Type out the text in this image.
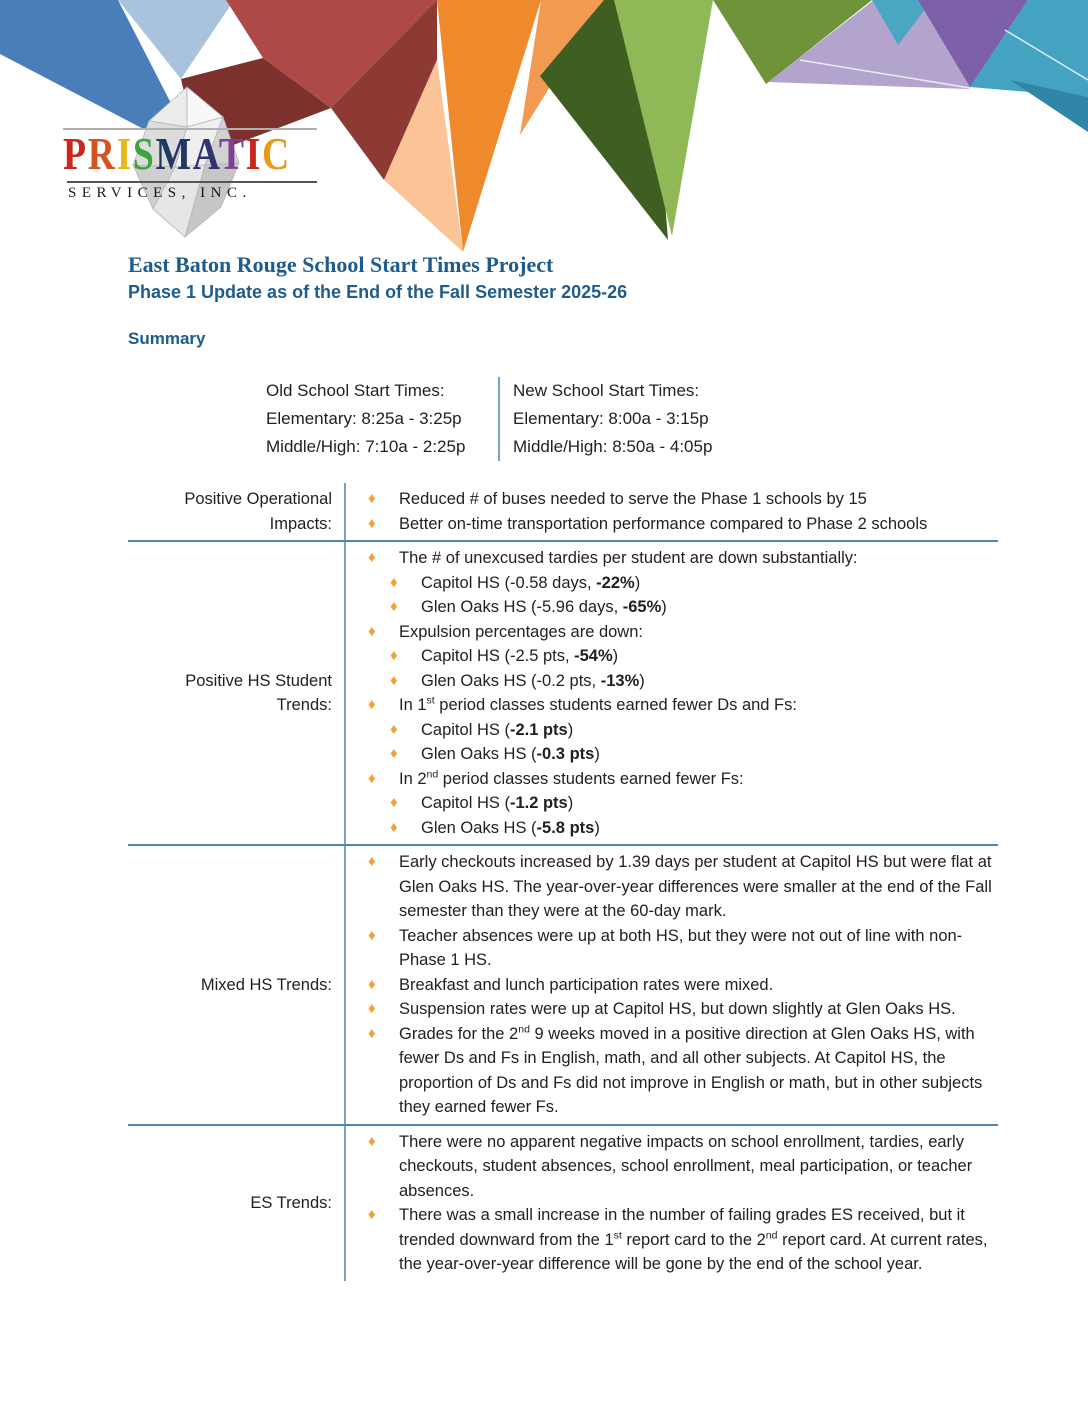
PRISMATIC
SERVICES, INC.
East Baton Rouge School Start Times Project
Phase 1 Update as of the End of the Fall Semester 2025-26
Summary

Old School Start Times:

Elementary: 8:25a - 3:25p

Middle/High: 7:10a - 2:25p

New School Start Times:

Elementary: 8:00a - 3:15p

Middle/High: 8:50a - 4:05p

Positive Operational Impacts:
♦	Reduced # of buses needed to serve the Phase 1 schools by 15
♦	Better on-time transportation performance compared to Phase 2 schools
Positive HS Student Trends:
♦	The # of unexcused tardies per student are down substantially:
♦	Capitol HS (-0.58 days, -22%)
♦	Glen Oaks HS (-5.96 days, -65%)
♦	Expulsion percentages are down:
♦	Capitol HS (-2.5 pts, -54%)
♦	Glen Oaks HS (-0.2 pts, -13%)
♦	In 1st period classes students earned fewer Ds and Fs:
♦	Capitol HS (-2.1 pts)
♦	Glen Oaks HS (-0.3 pts)
♦	In 2nd period classes students earned fewer Fs:
♦	Capitol HS (-1.2 pts)
♦	Glen Oaks HS (-5.8 pts)
Mixed HS Trends:
♦	Early checkouts increased by 1.39 days per student at Capitol HS but were flat at Glen Oaks HS. The year-over-year differences were smaller at the end of the Fall semester than they were at the 60-day mark.
♦	Teacher absences were up at both HS, but they were not out of line with non-Phase 1 HS.
♦	Breakfast and lunch participation rates were mixed.
♦	Suspension rates were up at Capitol HS, but down slightly at Glen Oaks HS.
♦	Grades for the 2nd 9 weeks moved in a positive direction at Glen Oaks HS, with fewer Ds and Fs in English, math, and all other subjects. At Capitol HS, the proportion of Ds and Fs did not improve in English or math, but in other subjects they earned fewer Fs.
ES Trends:
♦	There were no apparent negative impacts on school enrollment, tardies, early checkouts, student absences, school enrollment, meal participation, or teacher absences.
♦	There was a small increase in the number of failing grades ES received, but it trended downward from the 1st report card to the 2nd report card. At current rates, the year-over-year difference will be gone by the end of the school year.
